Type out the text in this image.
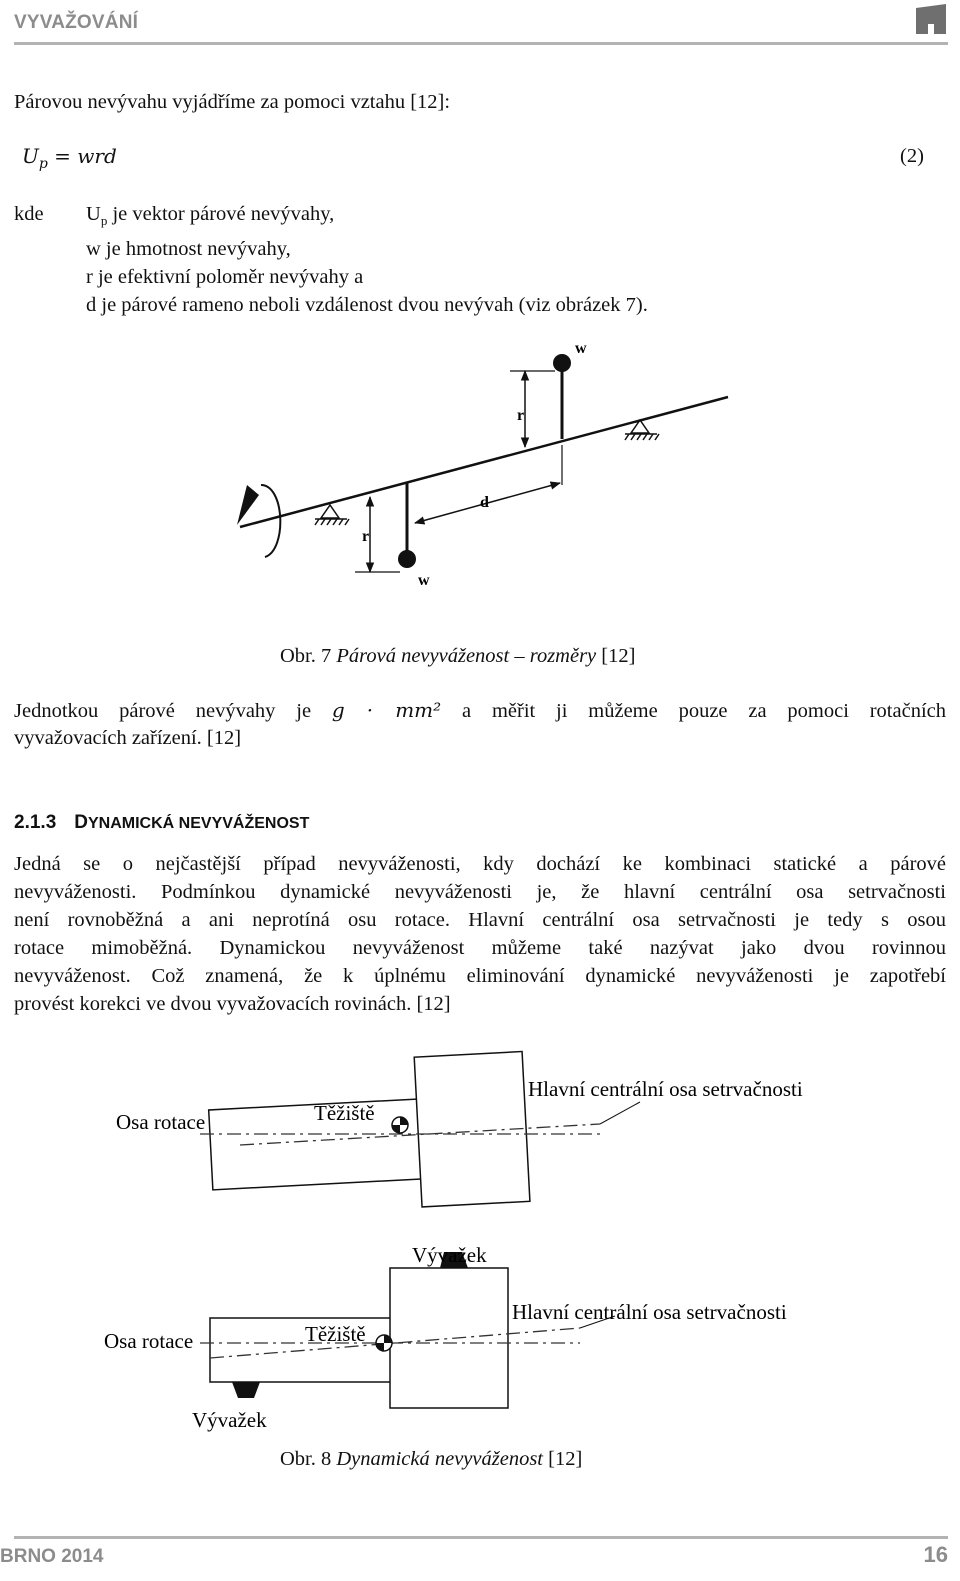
VYVAŽOVÁNÍ

Párovou nevývahu vyjádříme za pomoci vztahu [12]:

$U_p$ = wrd	(2)
kde $U_p$ je vektor párové nevývahy,
w je hmotnost nevývahy,
r je efektivní poloměr nevývahy a
d je párové rameno neboli vzdálenost dvou nevývah (viz obrázek 7).
w
r
w
r
d
Obr. 7 Párová nevyváženost – rozměry [12]
Jednotkou párové nevývahy je g · mm² a měřit ji můžeme pouze za pomoci rotačních
vyvažovacích zařízení. [12]
2.1.3 DYNAMICKÁ NEVYVÁŽENOST
Jedná se o nejčastější případ nevyváženosti, kdy dochází ke kombinaci statické a párové
nevyváženosti. Podmínkou dynamické nevyváženosti je, že hlavní centrální osa setrvačnosti
není rovnoběžná a ani neprotíná osu rotace. Hlavní centrální osa setrvačnosti je tedy s osou
rotace mimoběžná. Dynamickou nevyváženost můžeme také nazývat jako dvou rovinnou
nevyváženost. Což znamená, že k úplnému eliminování dynamické nevyváženosti je zapotřebí
provést korekci ve dvou vyvažovacích rovinách. [12]
Osa rotace	Těžiště
Hlavní centrální osa setrvačnosti
Osa rotace	Těžiště
Hlavní centrální osa setrvačnosti
Vývažek
Vývažek
Obr. 8 Dynamická nevyváženost [12]
BRNO 2014	16
